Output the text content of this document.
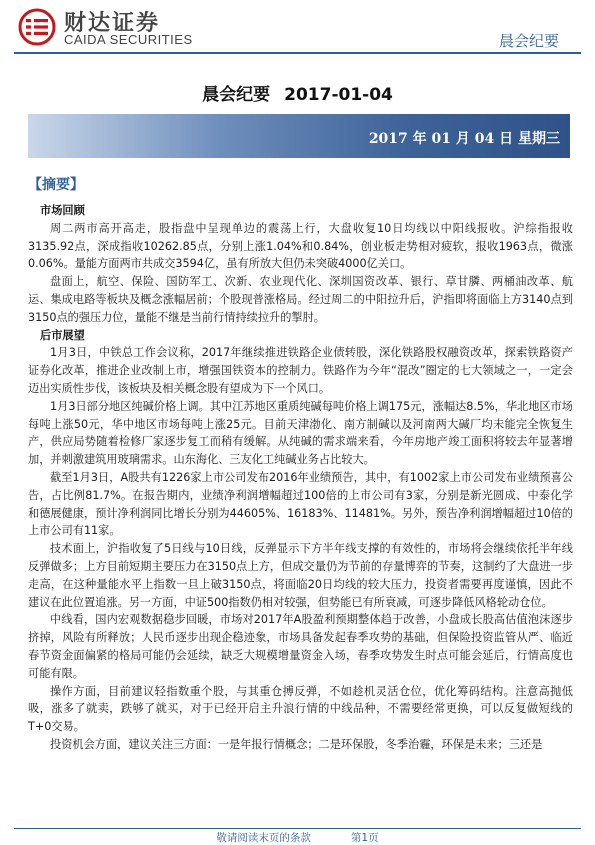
财达证券
CAIDA SECURITIES	晨会纪要
晨会纪要 2017-01-04
2017 年 01 月 04 日 星期三
【摘要】
市场回顾

周二两市高开高走，股指盘中呈现单边的震荡上行，大盘收复10日均线以中阳线报收。沪综指报收3135.92点，深成指收10262.85点，分别上涨1.04%和0.84%，创业板走势相对疲软，报收1963点，微涨0.06%。量能方面两市共成交3594亿，虽有所放大但仍未突破4000亿关口。

盘面上，航空、保险、国防军工、次新、农业现代化、深圳国资改革、银行、草甘膦、两桶油改革、航运、集成电路等板块及概念涨幅居前；个股现普涨格局。经过周二的中阳拉升后，沪指即将面临上方3140点到3150点的强压力位，量能不继是当前行情持续拉升的掣肘。

后市展望

1月3日，中铁总工作会议称，2017年继续推进铁路企业债转股，深化铁路股权融资改革，探索铁路资产证券化改革，推进企业改制上市，增强国铁资本的控制力。铁路作为今年“混改”圈定的七大领域之一，一定会迈出实质性步伐，该板块及相关概念股有望成为下一个风口。

1月3日部分地区纯碱价格上调。其中江苏地区重质纯碱每吨价格上调175元，涨幅达8.5%，华北地区市场每吨上涨50元，华中地区市场每吨上涨25元。目前天津渤化、南方制碱以及河南两大碱厂均未能完全恢复生产，供应局势随着检修厂家逐步复工而稍有缓解。从纯碱的需求端来看，今年房地产竣工面积将较去年显著增加，并刺激建筑用玻璃需求。山东海化、三友化工纯碱业务占比较大。

截至1月3日，A股共有1226家上市公司发布2016年业绩预告，其中，有1002家上市公司发布业绩预喜公告，占比例81.7%。在报告期内，业绩净利润增幅超过100倍的上市公司有3家，分别是新光圆成、中泰化学和德展健康，预计净利润同比增长分别为44605%、16183%、11481%。另外，预告净利润增幅超过10倍的上市公司有11家。

技术面上，沪指收复了5日线与10日线，反弹显示下方半年线支撑的有效性的，市场将会继续依托半年线反弹做多；上方目前短期主要压力在3150点上方，但成交量仍为节前的存量博弈的节奏，这制约了大盘进一步走高，在这种量能水平上指数一旦上破3150点，将面临20日均线的较大压力，投资者需要再度谨慎，因此不建议在此位置追涨。另一方面，中证500指数仍相对较强，但势能已有所衰减，可逐步降低风格轮动仓位。

中线看，国内宏观数据稳步回暖，市场对2017年A股盈利预期整体趋于改善，小盘成长股高估值泡沫逐步挤掉，风险有所释放；人民币逐步出现企稳迹象，市场具备发起春季攻势的基础，但保险投资监管从严、临近春节资金面偏紧的格局可能仍会延续，缺乏大规模增量资金入场，春季攻势发生时点可能会延后，行情高度也可能有限。

操作方面，目前建议轻指数重个股，与其重仓搏反弹，不如趁机灵活仓位，优化筹码结构。注意高抛低吸，涨多了就卖，跌够了就买，对于已经开启主升浪行情的中线品种，不需要经常更换，可以反复做短线的T+0交易。

投资机会方面，建议关注三方面：一是年报行情概念；二是环保股，冬季治霾，环保是未来；三还是

敬请阅读末页的条款	第1页
